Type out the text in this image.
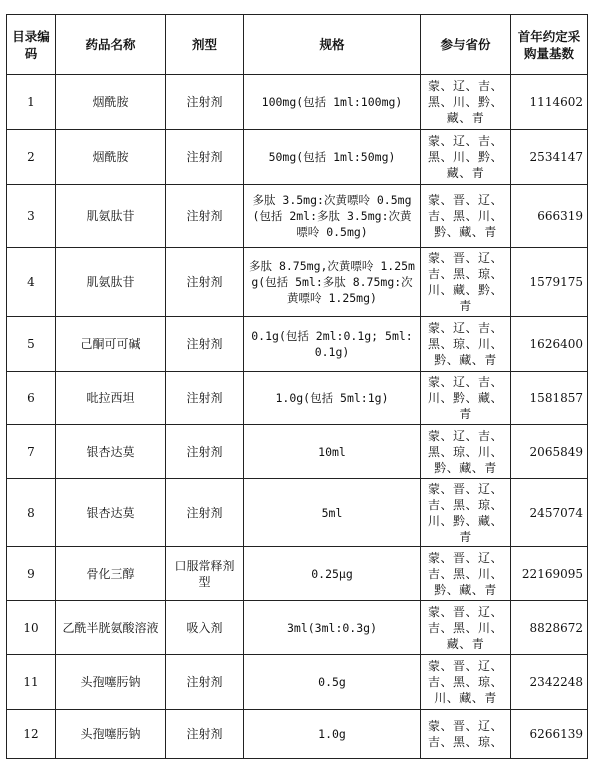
目录编码	药品名称	剂型	规格	参与省份	首年约定采购量基数
1	烟酰胺	注射剂	100mg(包括 1ml:100mg)	蒙、辽、吉、黑、川、黔、藏、青	1114602
2	烟酰胺	注射剂	50mg(包括 1ml:50mg)	蒙、辽、吉、黑、川、黔、藏、青	2534147
3	肌氨肽苷	注射剂	多肽 3.5mg:次黄嘌呤 0.5mg(包括 2ml:多肽 3.5mg:次黄嘌呤 0.5mg)	蒙、晋、辽、吉、黑、川、黔、藏、青	666319
4	肌氨肽苷	注射剂	多肽 8.75mg,次黄嘌呤 1.25mg(包括 5ml:多肽 8.75mg:次黄嘌呤 1.25mg)	蒙、晋、辽、吉、黑、琼、川、藏、黔、青	1579175
5	己酮可可碱	注射剂	0.1g(包括 2ml:0.1g; 5ml:0.1g)	蒙、辽、吉、黑、琼、川、黔、藏、青	1626400
6	吡拉西坦	注射剂	1.0g(包括 5ml:1g)	蒙、辽、吉、川、黔、藏、青	1581857
7	银杏达莫	注射剂	10ml	蒙、辽、吉、黑、琼、川、黔、藏、青	2065849
8	银杏达莫	注射剂	5ml	蒙、晋、辽、吉、黑、琼、川、黔、藏、青	2457074
9	骨化三醇	口服常释剂型	0.25μg	蒙、晋、辽、吉、黑、川、黔、藏、青	22169095
10	乙酰半胱氨酸溶液	吸入剂	3ml(3ml:0.3g)	蒙、晋、辽、吉、黑、川、藏、青	8828672
11	头孢噻肟钠	注射剂	0.5g	蒙、晋、辽、吉、黑、琼、川、藏、青	2342248
12	头孢噻肟钠	注射剂	1.0g	蒙、晋、辽、吉、黑、琼、	6266139
